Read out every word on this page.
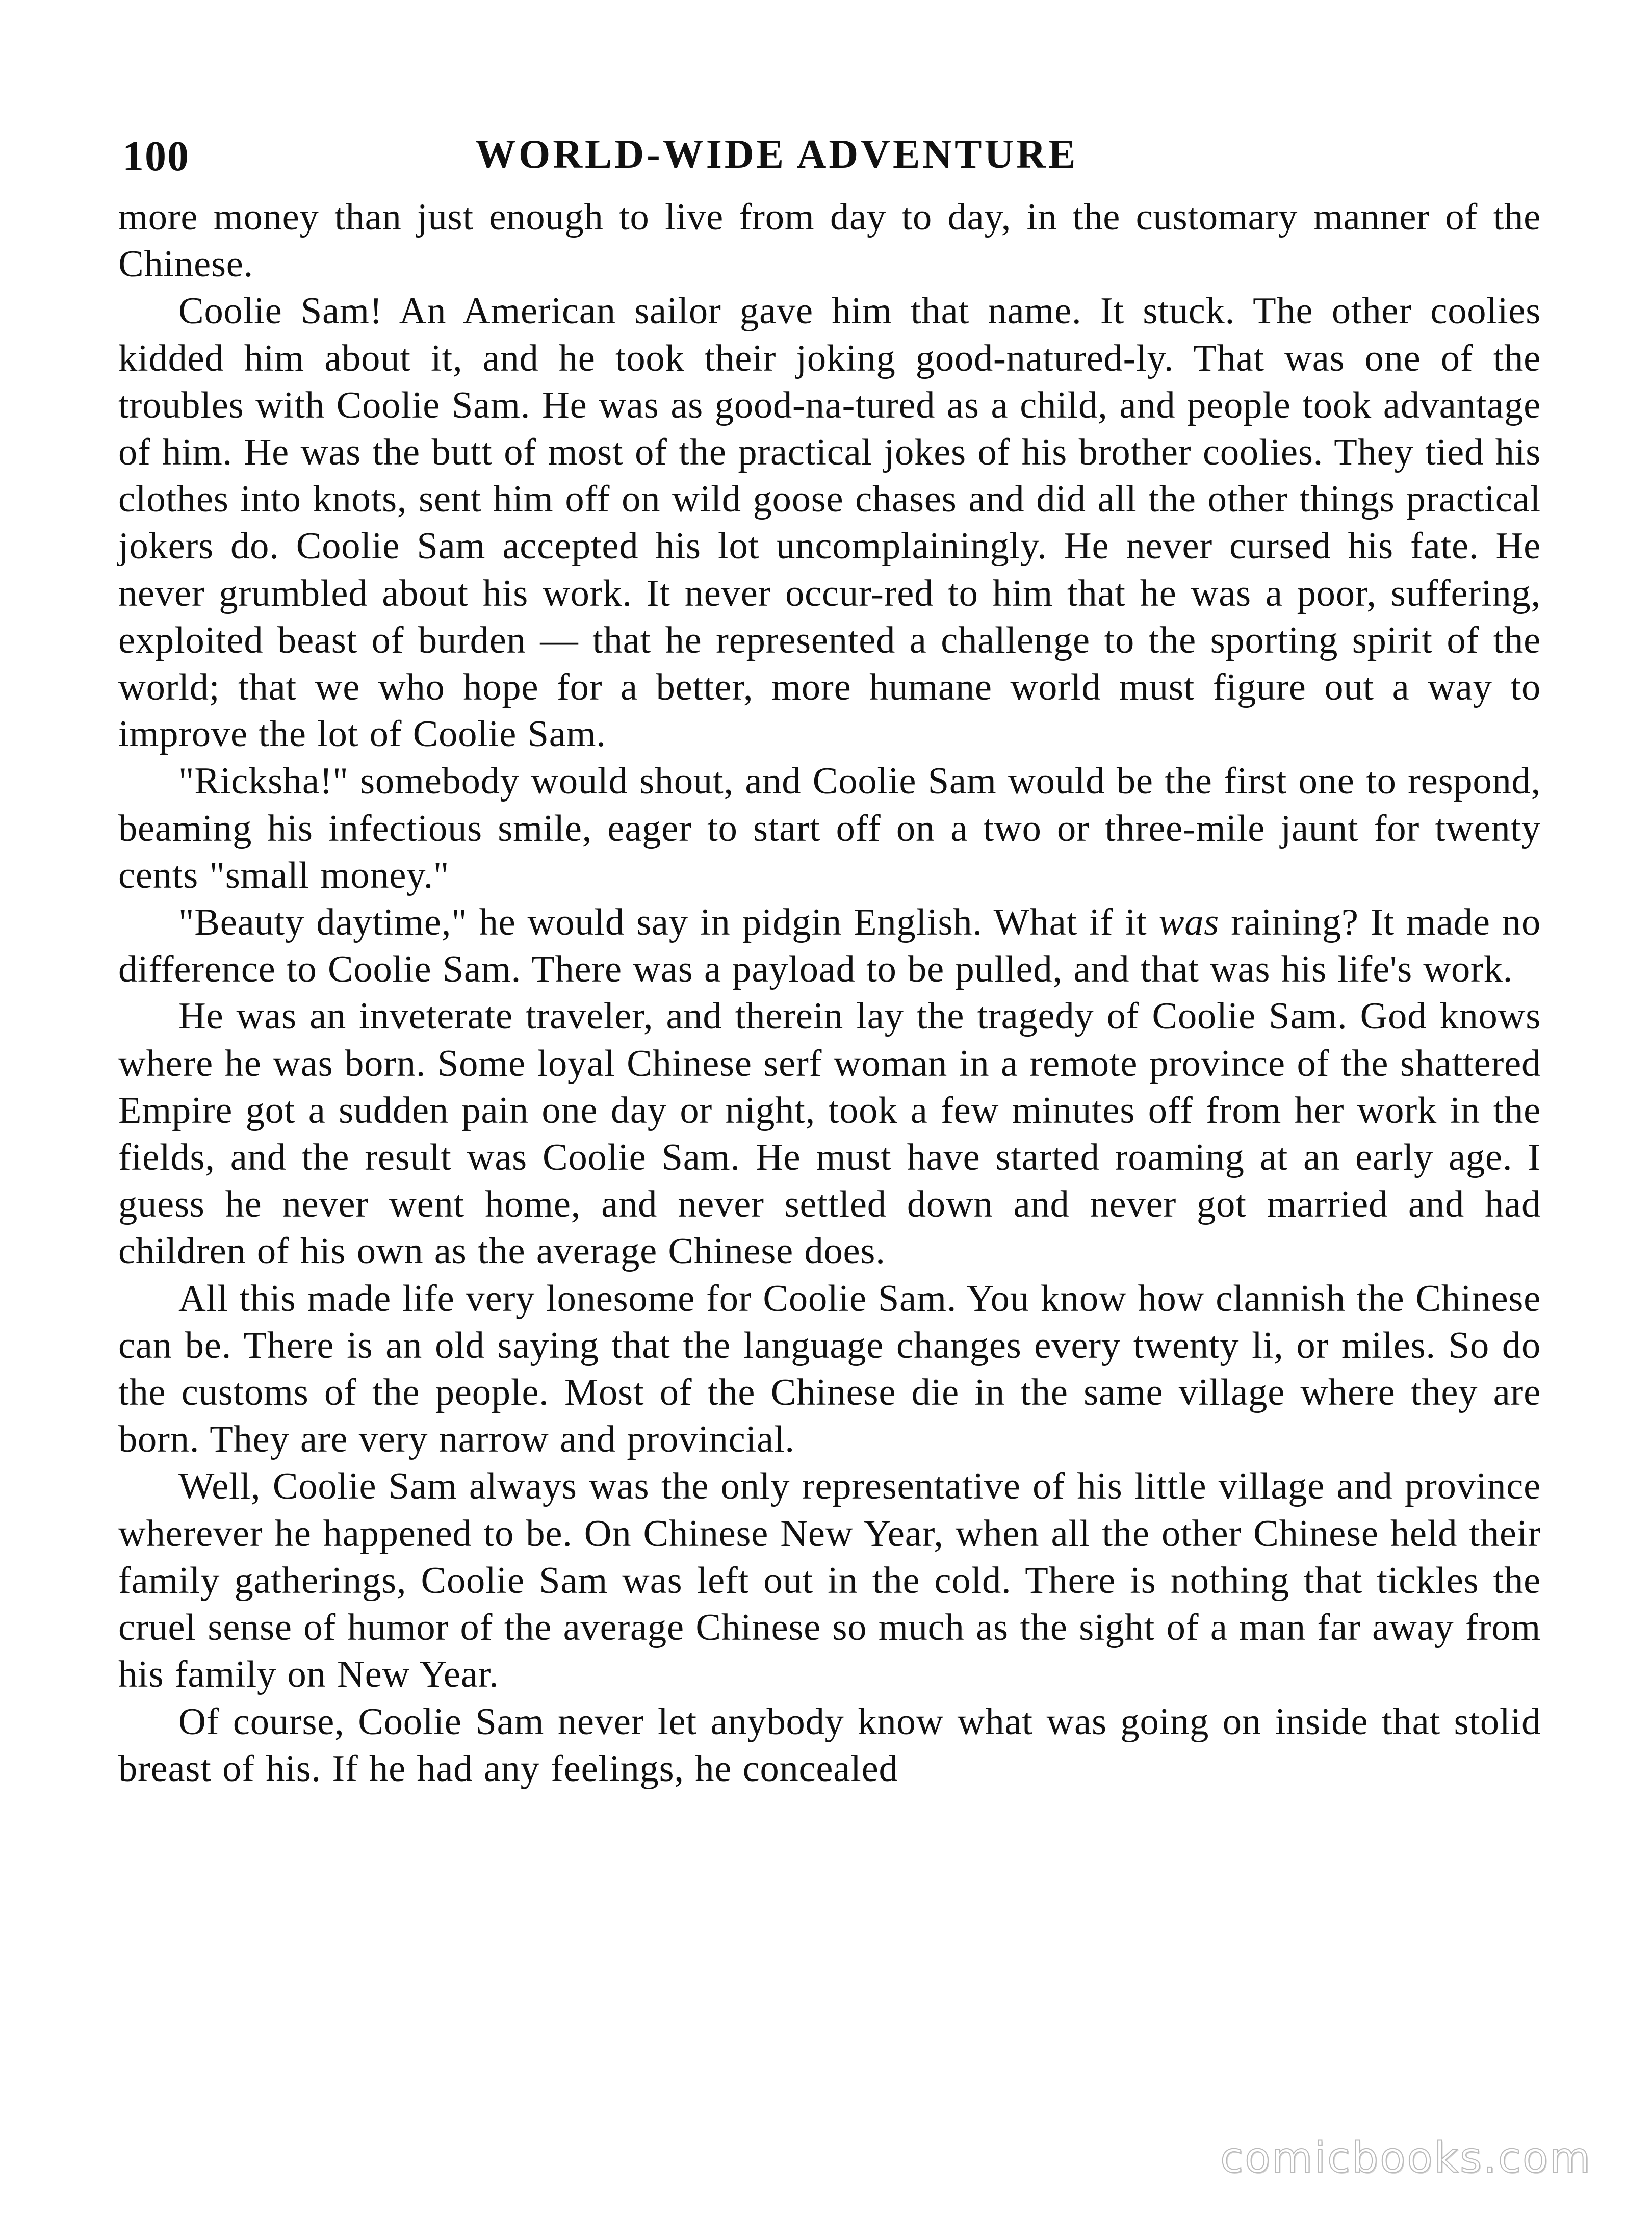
100	WORLD-WIDE ADVENTURE

more money than just enough to live from day to day, in the customary manner of the Chinese.

Coolie Sam! An American sailor gave him that name. It stuck. The other coolies kidded him about it, and he took their joking good-natured-ly. That was one of the troubles with Coolie Sam. He was as good-na-tured as a child, and people took advantage of him. He was the butt of most of the practical jokes of his brother coolies. They tied his clothes into knots, sent him off on wild goose chases and did all the other things practical jokers do. Coolie Sam accepted his lot uncomplainingly. He never cursed his fate. He never grumbled about his work. It never occur-red to him that he was a poor, suffering, exploited beast of burden — that he represented a challenge to the sporting spirit of the world; that we who hope for a better, more humane world must figure out a way to improve the lot of Coolie Sam.

"Ricksha!" somebody would shout, and Coolie Sam would be the first one to respond, beaming his infectious smile, eager to start off on a two or three-mile jaunt for twenty cents "small money."

"Beauty daytime," he would say in pidgin English. What if it was raining? It made no difference to Coolie Sam. There was a payload to be pulled, and that was his life's work.

He was an inveterate traveler, and therein lay the tragedy of Coolie Sam. God knows where he was born. Some loyal Chinese serf woman in a remote province of the shattered Empire got a sudden pain one day or night, took a few minutes off from her work in the fields, and the result was Coolie Sam. He must have started roaming at an early age. I guess he never went home, and never settled down and never got married and had children of his own as the average Chinese does.

All this made life very lonesome for Coolie Sam. You know how clannish the Chinese can be. There is an old saying that the language changes every twenty li, or miles. So do the customs of the people. Most of the Chinese die in the same village where they are born. They are very narrow and provincial.

Well, Coolie Sam always was the only representative of his little village and province wherever he happened to be. On Chinese New Year, when all the other Chinese held their family gatherings, Coolie Sam was left out in the cold. There is nothing that tickles the cruel sense of humor of the average Chinese so much as the sight of a man far away from his family on New Year.

Of course, Coolie Sam never let anybody know what was going on inside that stolid breast of his. If he had any feelings, he concealed

comicbooks.com
